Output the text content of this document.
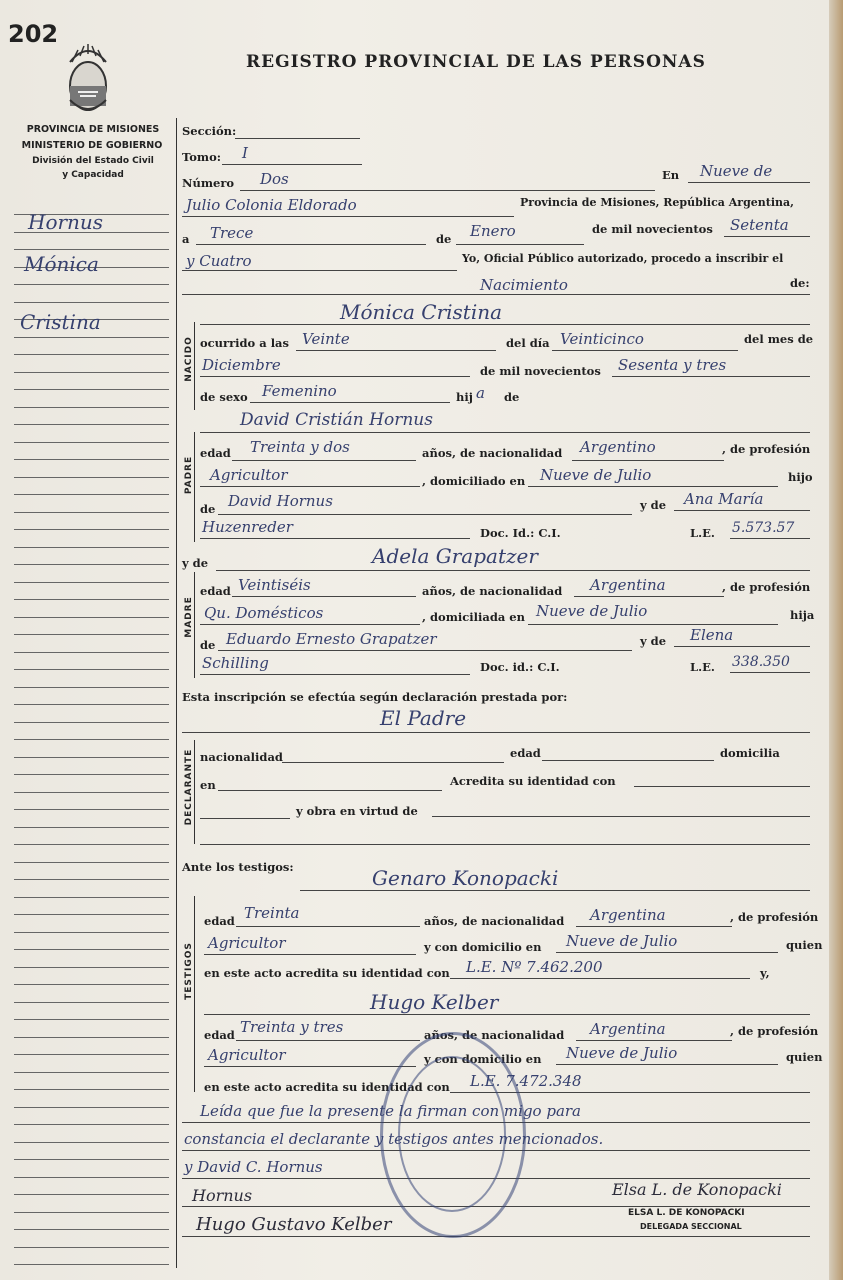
202
REGISTRO PROVINCIAL DE LAS PERSONAS
PROVINCIA DE MISIONES
MINISTERIO DE GOBIERNO
División del Estado Civil
y Capacidad
Hornus
Mónica
Cristina
Sección:
Tomo: I
Número Dos	En Nueve de
Julio Colonia Eldorado	Provincia de Misiones, República Argentina,
a Trece	de Enero	de mil novecientos Setenta
y Cuatro	Yo, Oficial Público autorizado, procedo a inscribir el
Nacimiento	de:
NACIDO
Mónica Cristina
ocurrido a las Veinte	del día Veinticinco	del mes de
Diciembre	de mil novecientos Sesenta y tres
de sexo Femenino	hij a de
PADRE
David Cristián Hornus
edad Treinta y dos	años, de nacionalidad Argentino	, de profesión
Agricultor	, domiciliado en Nueve de Julio	hijo
de David Hornus	y de Ana María
Huzenreder	Doc. Id.: C.I.	L.E. 5.573.57
MADRE
y de	Adela Grapatzer
edad Veintiséis	años, de nacionalidad Argentina	, de profesión
Qu. Domésticos	, domiciliada en Nueve de Julio	hija
de Eduardo Ernesto Grapatzer	y de Elena
Schilling	Doc. id.: C.I.	L.E. 338.350
Esta inscripción se efectúa según declaración prestada por:
El Padre
DECLARANTE nacionalidad	edad	domicilia
en	Acredita su identidad con
y obra en virtud de
Ante los testigos:	Genaro Konopacki
TESTIGOS
edad Treinta	años, de nacionalidad Argentina	, de profesión
Agricultor	y con domicilio en Nueve de Julio	quien
en este acto acredita su identidad con L.E. Nº 7.462.200	y,
Hugo Kelber
edad Treinta y tres	años, de nacionalidad Argentina	, de profesión
Agricultor	y con domicilio en Nueve de Julio	quien
en este acto acredita su identidad con L.E. 7.472.348
Leída que fue la presente la firman con migo para
constancia el declarante y testigos antes mencionados.
y David C. Hornus
Hornus
Hugo Gustavo Kelber
Elsa L. de Konopacki
ELSA L. DE KONOPACKI
DELEGADA SECCIONAL
